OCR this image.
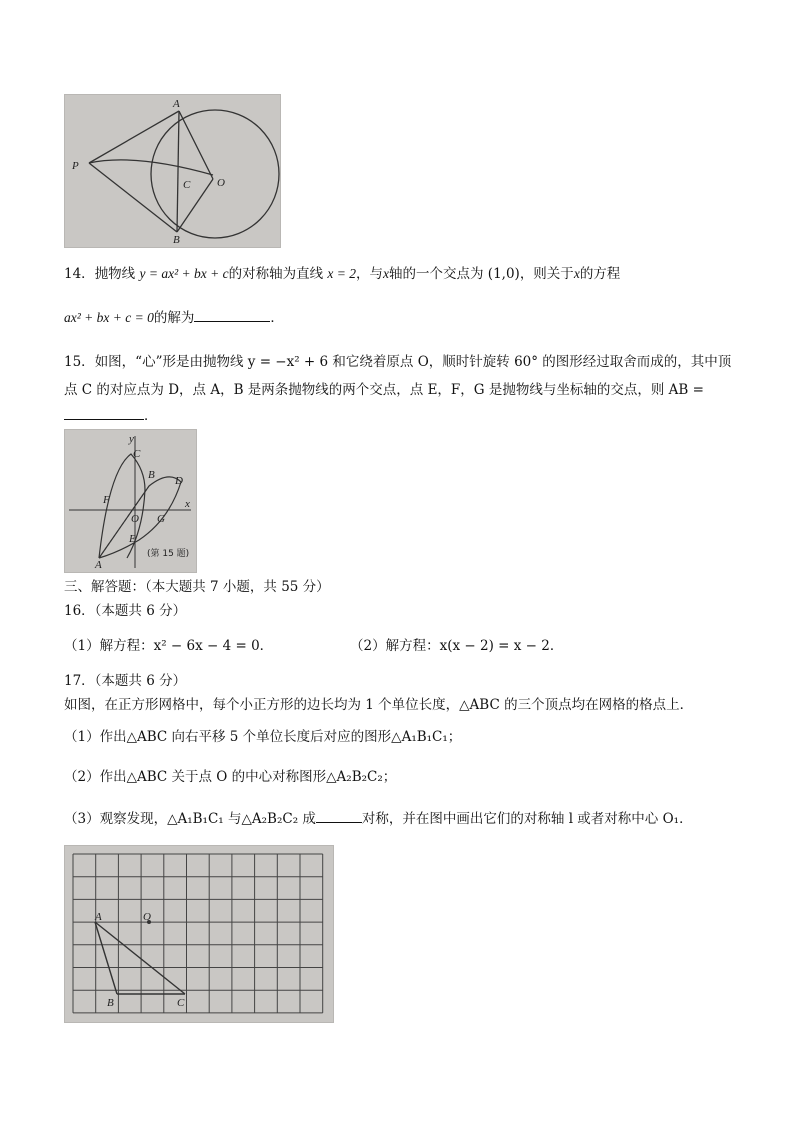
A
P
C O
B
14．抛物线 y = ax² + bx + c的对称轴为直线 x = 2，与x轴的一个交点为 (1,0)，则关于x的方程
ax² + bx + c = 0的解为	．
15．如图，“心”形是由抛物线 y = −x² + 6 和它绕着原点 O，顺时针旋转 60° 的图形经过取舍而成的，其中顶
点 C 的对应点为 D，点 A，B 是两条抛物线的两个交点，点 E，F，G 是抛物线与坐标轴的交点，则 AB =
．
y
C
B D
F
O G
x
E
A
(第 15 题)
三、解答题：（本大题共 7 小题，共 55 分）
16．（本题共 6 分）
（1）解方程：x² − 6x − 4 = 0．	（2）解方程：x(x − 2) = x − 2．
17．（本题共 6 分）
如图，在正方形网格中，每个小正方形的边长均为 1 个单位长度，△ABC 的三个顶点均在网格的格点上．
（1）作出△ABC 向右平移 5 个单位长度后对应的图形△A₁B₁C₁；
（2）作出△ABC 关于点 O 的中心对称图形△A₂B₂C₂；
（3）观察发现，△A₁B₁C₁ 与△A₂B₂C₂ 成	对称，并在图中画出它们的对称轴 l 或者对称中心 O₁．
A	O
B	C
